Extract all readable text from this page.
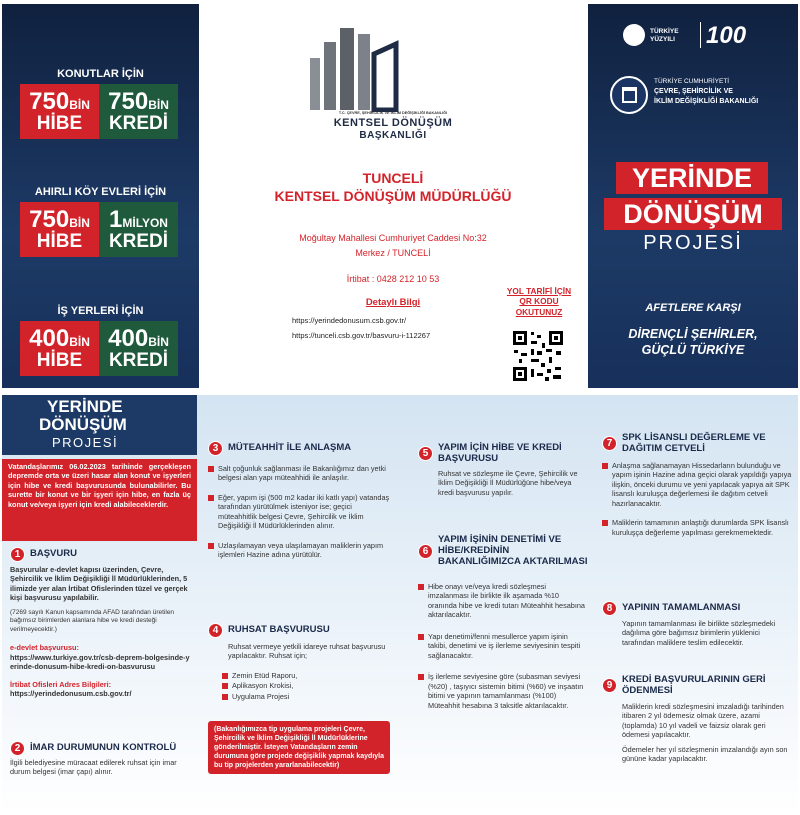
KONUTLAR İÇİN
750BİN
HİBE
750BİN
KREDİ
AHIRLI KÖY EVLERİ İÇİN
750BİN
HİBE
1MİLYON
KREDİ
İŞ YERLERİ İÇİN
400BİN
HİBE
400BİN
KREDİ
T.C. ÇEVRE, ŞEHİRCİLİK VE İKLİM DEĞİŞİKLİĞİ BAKANLIĞI
KENTSEL DÖNÜŞÜM
BAŞKANLIĞI
TUNCELİ
KENTSEL DÖNÜŞÜM MÜDÜRLÜĞÜ
Moğultay Mahallesi Cumhuriyet Caddesi No:32
Merkez / TUNCELİ
İrtibat : 0428 212 10 53
Detaylı Bilgi
https://yerindedonusum.csb.gov.tr/
https://tunceli.csb.gov.tr/basvuru-i-112267
YOL TARİFİ İÇİN QR KODU OKUTUNUZ
TÜRKİYE YÜZYILI	100
TÜRKİYE CUMHURİYETİ
ÇEVRE, ŞEHİRCİLİK VE
İKLİM DEĞİŞİKLİĞİ BAKANLIĞI
YERİNDE
DÖNÜŞÜM
PROJESİ
AFETLERE KARŞI
DİRENÇLİ ŞEHİRLER,
GÜÇLÜ TÜRKİYE
YERİNDE
DÖNÜŞÜM
PROJESİ
Vatandaşlarımız 06.02.2023 tarihinde gerçekleşen depremde orta ve üzeri hasar alan konut ve işyerleri için hibe ve kredi başvurusunda bulunabilirler. Bu surette bir konut ve bir işyeri için hibe, en fazla üç konut ve/veya işyeri için kredi alabileceklerdir.
1	BAŞVURU
Başvurular e-devlet kapısı üzerinden, Çevre, Şehircilik ve İklim Değişikliği İl Müdürlüklerinden, 5 ilimizde yer alan İrtibat Ofislerinden tüzel ve gerçek kişi başvurusu yapılabilir.
(7269 sayılı Kanun kapsamında AFAD tarafından üretilen bağımsız birimlerden alanlara hibe ve kredi desteği verilmeyecektir.)
e-devlet başvurusu:
https://www.turkiye.gov.tr/csb-deprem-bolgesinde-yerinde-donusum-hibe-kredi-on-basvurusu
İrtibat Ofisleri Adres Bilgileri:
https://yerindedonusum.csb.gov.tr/
2	İMAR DURUMUNUN KONTROLÜ
İlgili belediyesine müracaat edilerek ruhsat için imar durum belgesi (imar çapı) alınır.
3	MÜTEAHHİT İLE ANLAŞMA
Salt çoğunluk sağlanması ile Bakanlığımız dan yetki belgesi alan yapı müteahhidi ile anlaşılır.
Eğer, yapım işi (500 m2 kadar iki katlı yapı) vatandaş tarafından yürütülmek isteniyor ise; geçici müteahhitlik belgesi Çevre, Şehircilik ve İklim Değişikliği İl Müdürlüklerinden alınır.
Uzlaşılamayan veya ulaşılamayan maliklerin yapım işlemleri Hazine adına yürütülür.
4	RUHSAT BAŞVURUSU
Ruhsat vermeye yetkili idareye ruhsat başvurusu yapılacaktır. Ruhsat için;
Zemin Etüd Raporu,
Aplikasyon Krokisi,
Uygulama Projesi
(Bakanlığımızca tip uygulama projeleri Çevre, Şehircilik ve İklim Değişikliği İl Müdürlüklerine gönderilmiştir. İsteyen Vatandaşların zemin durumuna göre projede değişiklik yapmak kaydıyla bu tip projelerden yararlanabilecektir)
5
YAPIM İÇİN HİBE VE KREDİ BAŞVURUSU
Ruhsat ve sözleşme ile Çevre, Şehircilik ve İklim Değişikliği İl Müdürlüğüne hibe/veya kredi başvurusu yapılır.
6
YAPIM İŞİNİN DENETİMİ VE HİBE/KREDİNİN BAKANLIĞIMIZCA AKTARILMASI
Hibe onayı ve/veya kredi sözleşmesi imzalanması ile birlikte ilk aşamada %10 oranında hibe ve kredi tutarı Müteahhit hesabına aktarılacaktır.
Yapı denetimi/fenni mesullerce yapım işinin takibi, denetimi ve iş ilerleme seviyesinin tespiti sağlanacaktır.
İş ilerleme seviyesine göre (subasman seviyesi (%20) , taşıyıcı sistemin bitimi (%60) ve inşaatın bitimi ve yapının tamamlanması (%100) Müteahhit hesabına 3 taksitle aktarılacaktır.
7
SPK LİSANSLI DEĞERLEME VE DAĞITIM CETVELİ
Anlaşma sağlanamayan Hissedarların bulunduğu ve yapım işinin Hazine adına geçici olarak yapıldığı yapıya ilişkin, önceki durumu ve yeni yapılacak yapıya ait SPK lisanslı kuruluşça değerlemesi ile dağıtım cetveli hazırlanacaktır.
Maliklerin tamamının anlaştığı durumlarda SPK lisanslı kuruluşça değerleme yapılması gerekmemektedir.
8	YAPININ TAMAMLANMASI
Yapının tamamlanması ile birlikte sözleşmedeki dağılıma göre bağımsız birimlerin yüklenici tarafından maliklere teslim edilecektir.
9
KREDİ BAŞVURULARININ GERİ ÖDENMESİ
Maliklerin kredi sözleşmesini imzaladığı tarihinden itibaren 2 yıl ödemesiz olmak üzere, azami (toplamda) 10 yıl vadeli ve faizsiz olarak geri ödemesi yapılacaktır.
Ödemeler her yıl sözleşmenin imzalandığı ayın son gününe kadar yapılacaktır.
